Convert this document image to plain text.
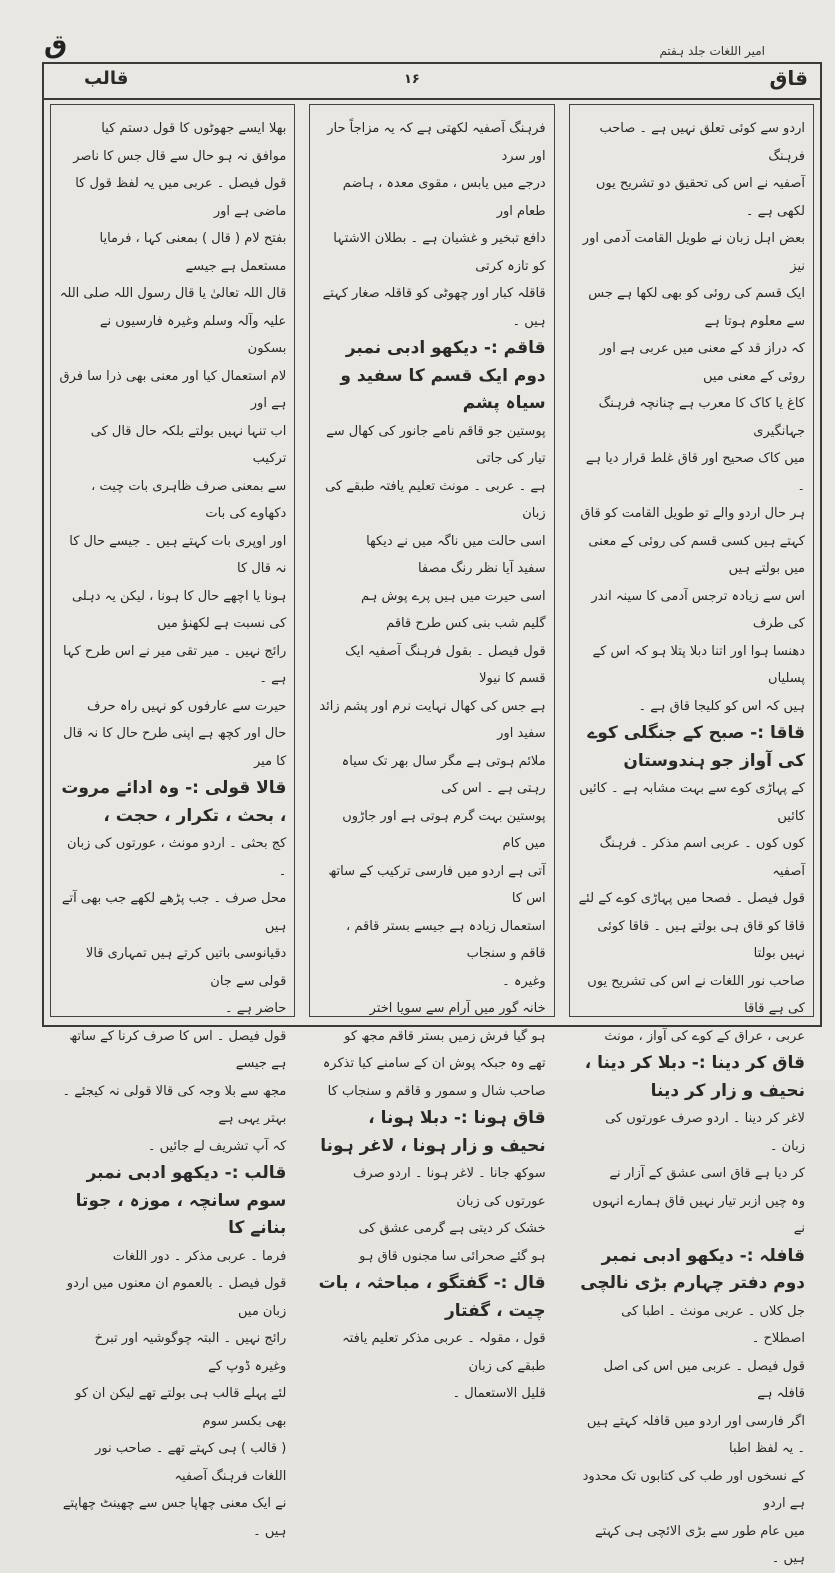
ق	امیر اللغات جلد ہفتم
قالب	۱۶	قاق
بھلا ایسے جھوٹوں کا قول دستم کیا
موافق نہ ہو حال سے قال جس کا ناصر
قول فیصل ۔ عربی میں یہ لفظ قول کا ماضی ہے اور
بفتح لام ( قال ) بمعنی کہا ، فرمایا مستعمل ہے جیسے
قال اللہ تعالیٰ یا قال رسول اللہ صلی اللہ
علیہ وآلہ وسلم وغیرہ فارسیوں نے بسکون
لام استعمال کیا اور معنی بھی ذرا سا فرق ہے اور
اب تنہا نہیں بولتے بلکہ حال قال کی ترکیب
سے بمعنی صرف ظاہری بات چیت ، دکھاوے کی بات
اور اوپری بات کہتے ہیں ۔ جیسے حال کا نہ قال کا
ہونا یا اچھے حال کا ہونا ، لیکن یہ دہلی کی نسبت ہے لکھنؤ میں
رائج نہیں ۔ میر تقی میر نے اس طرح کہا ہے ۔
حیرت سے عارفوں کو نہیں راہ حرف
حال اور کچھ ہے اپنی طرح حال کا نہ قال کا میر
قالا قولی :- وہ ادائے مروت ، بحث ، تکرار ، حجت ،
کج بحثی ۔ اردو مونث ، عورتوں کی زبان ۔
محل صرف ۔ جب پڑھے لکھے جب بھی آتے ہیں
دقیانوسی باتیں کرتے ہیں تمہاری قالا قولی سے جان
حاضر ہے ۔
قول فیصل ۔ اس کا صرف کرنا کے ساتھ ہے جیسے
مجھ سے بلا وجہ کی قالا قولی نہ کیجئے ۔ بہتر یہی ہے
کہ آپ تشریف لے جائیں ۔
قالب :- دیکھو ادبی نمبر سوم سانچہ ، موزہ ، جوتا بنانے کا
فرما ۔ عربی مذکر ۔ دور اللغات
قول فیصل ۔ بالعموم ان معنوں میں اردو زبان میں
رائج نہیں ۔ البتہ چوگوشیہ اور تبرخ وغیرہ ڈوپ کے
لئے پہلے قالب ہی بولتے تھے لیکن ان کو بھی بکسر سوم
( قالب ) ہی کہتے تھے ۔ صاحب نور اللغات فرہنگ آصفیہ
نے ایک معنی چھاپا جس سے چھینٹ چھاپتے ہیں ۔
فرہنگ آصفیہ لکھتی ہے کہ یہ مزاجاً حار اور سرد
درجے میں یابس ، مقوی معدہ ، ہاضم طعام اور
دافع تبخیر و غشیان ہے ۔ بطلان الاشتہا کو تازہ کرتی
قاقلہ کبار اور چھوٹی کو قاقلہ صغار کہتے ہیں ۔
قاقم :- دیکھو ادبی نمبر دوم ایک قسم کا سفید و سیاہ پشم
پوستین جو قاقم نامے جانور کی کھال سے تیار کی جاتی
ہے ۔ عربی ۔ مونث تعلیم یافتہ طبقے کی زبان
اسی حالت میں ناگہ میں نے دیکھا
سفید آیا نظر رنگ مصفا
اسی حیرت میں ہیں پرے پوش ہم
گلیم شب بنی کس طرح قاقم
قول فیصل ۔ بقول فرہنگ آصفیہ ایک قسم کا نیولا
ہے جس کی کھال نہایت نرم اور پشم زائد سفید اور
ملائم ہوتی ہے مگر سال بھر تک سیاہ رہتی ہے ۔ اس کی
پوستین بہت گرم ہوتی ہے اور جاڑوں میں کام
آتی ہے اردو میں فارسی ترکیب کے ساتھ اس کا
استعمال زیادہ ہے جیسے بستر قاقم ، قاقم و سنجاب
وغیرہ ۔
خانہ گور میں آرام سے سویا اختر
ہو گیا فرش زمیں بستر قاقم مجھ کو
تھے وہ جبکہ پوش ان کے سامنے کیا تذکرہ
صاحب شال و سمور و قاقم و سنجاب کا
قاق ہونا :- دبلا ہونا ، نحیف و زار ہونا ، لاغر ہونا
سوکھ جانا ۔ لاغر ہونا ۔ اردو صرف عورتوں کی زبان
خشک کر دیتی ہے گرمی عشق کی
ہو گئے صحرائی سا مجنوں قاق ہو
قال :- گفتگو ، مباحثہ ، بات چیت ، گفتار
قول ، مقولہ ۔ عربی مذکر تعلیم یافتہ طبقے کی زبان
قلیل الاستعمال ۔
اردو سے کوئی تعلق نہیں ہے ۔ صاحب فرہنگ
آصفیہ نے اس کی تحقیق دو تشریح یوں لکھی ہے ۔
بعض اہل زبان نے طویل القامت آدمی اور نیز
ایک قسم کی روئی کو بھی لکھا ہے جس سے معلوم ہوتا ہے
کہ دراز قد کے معنی میں عربی ہے اور روئی کے معنی میں
کاغ یا کاک کا معرب ہے چنانچہ فرہنگ جہانگیری
میں کاک صحیح اور قاق غلط قرار دیا ہے ۔
ہر حال اردو والے تو طویل القامت کو قاق
کہتے ہیں کسی قسم کی روئی کے معنی میں بولتے ہیں
اس سے زیادہ ترجس آدمی کا سینہ اندر کی طرف
دھنسا ہوا اور اتنا دبلا پتلا ہو کہ اس کے پسلیاں
ہیں کہ اس کو کلیجا قاق ہے ۔
قاقا :- صبح کے جنگلی کوے کی آواز جو ہندوستان
کے پہاڑی کوے سے بہت مشابہ ہے ۔ کائیں کائیں
کوں کوں ۔ عربی اسم مذکر ۔ فرہنگ آصفیہ
قول فیصل ۔ فصحا میں پہاڑی کوے کے لئے
قاقا کو قاق ہی بولتے ہیں ۔ قاقا کوئی نہیں بولتا
صاحب نور اللغات نے اس کی تشریح یوں کی ہے قاقا
عربی ، عراق کے کوے کی آواز ، مونث
قاق کر دینا :- دبلا کر دینا ، نحیف و زار کر دینا
لاغر کر دینا ۔ اردو صرف عورتوں کی زبان ۔
کر دیا ہے قاق اسی عشق کے آزار نے
وہ چیں ازبر تیار نہیں قاق ہمارے انہوں نے
قافلہ :- دیکھو ادبی نمبر دوم دفتر چہارم بڑی نالچی
جل کلاں ۔ عربی مونث ۔ اطبا کی اصطلاح ۔
قول فیصل ۔ عربی میں اس کی اصل قافلہ ہے
اگر فارسی اور اردو میں قافلہ کہتے ہیں ۔ یہ لفظ اطبا
کے نسخوں اور طب کی کتابوں تک محدود ہے اردو
میں عام طور سے بڑی الائچی ہی کہتے ہیں ۔
